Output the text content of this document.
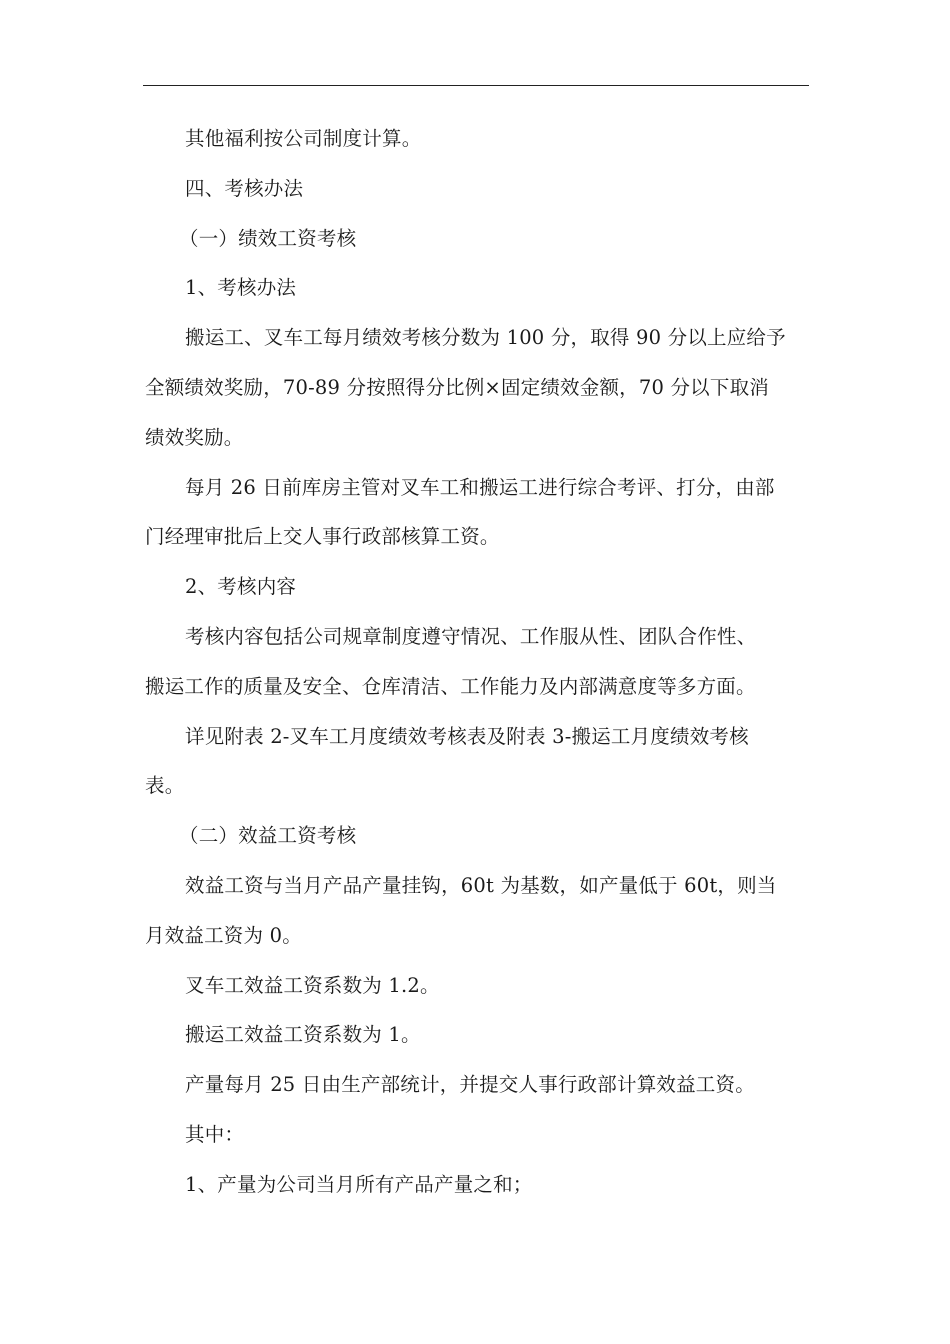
其他福利按公司制度计算。
四、考核办法
（一）绩效工资考核
1、考核办法
搬运工、叉车工每月绩效考核分数为 100 分，取得 90 分以上应给予
全额绩效奖励，70-89 分按照得分比例×固定绩效金额，70 分以下取消
绩效奖励。
每月 26 日前库房主管对叉车工和搬运工进行综合考评、打分，由部
门经理审批后上交人事行政部核算工资。
2、考核内容
考核内容包括公司规章制度遵守情况、工作服从性、团队合作性、
搬运工作的质量及安全、仓库清洁、工作能力及内部满意度等多方面。
详见附表 2-叉车工月度绩效考核表及附表 3-搬运工月度绩效考核
表。
（二）效益工资考核
效益工资与当月产品产量挂钩，60t 为基数，如产量低于 60t，则当
月效益工资为 0。
叉车工效益工资系数为 1.2。
搬运工效益工资系数为 1。
产量每月 25 日由生产部统计，并提交人事行政部计算效益工资。
其中：
1、产量为公司当月所有产品产量之和；
